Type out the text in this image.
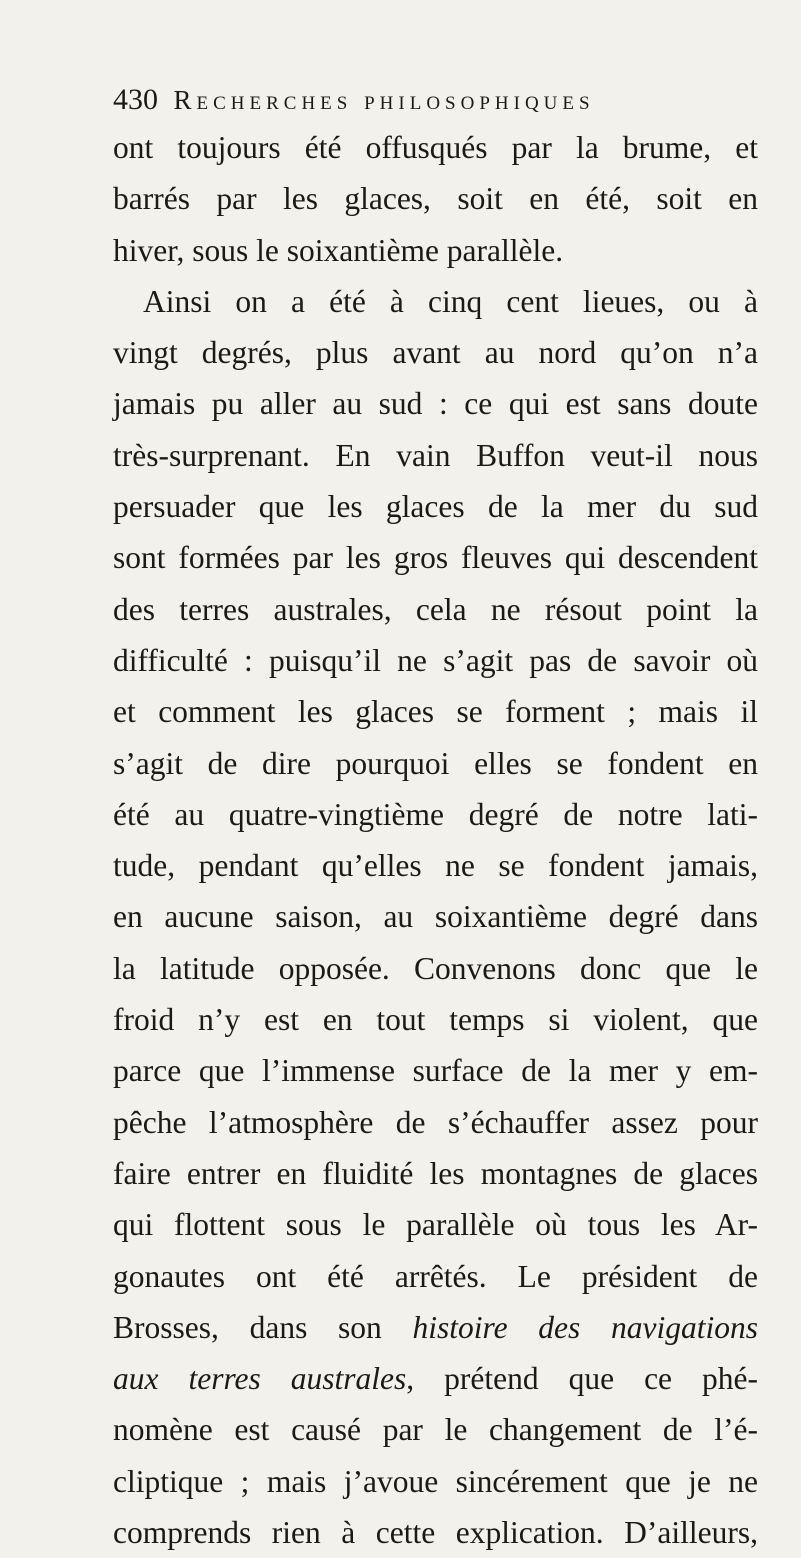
430 Recherches philosophiques
ont toujours été offusqués par la brume, et
barrés par les glaces, soit en été, soit en
hiver, sous le soixantième parallèle.
Ainsi on a été à cinq cent lieues, ou à
vingt degrés, plus avant au nord qu’on n’a
jamais pu aller au sud : ce qui est sans doute
très-surprenant. En vain Buffon veut-il nous
persuader que les glaces de la mer du sud
sont formées par les gros fleuves qui descendent
des terres australes, cela ne résout point la
difficulté : puisqu’il ne s’agit pas de savoir où
et comment les glaces se forment ; mais il
s’agit de dire pourquoi elles se fondent en
été au quatre-vingtième degré de notre lati-
tude, pendant qu’elles ne se fondent jamais,
en aucune saison, au soixantième degré dans
la latitude opposée. Convenons donc que le
froid n’y est en tout temps si violent, que
parce que l’immense surface de la mer y em-
pêche l’atmosphère de s’échauffer assez pour
faire entrer en fluidité les montagnes de glaces
qui flottent sous le parallèle où tous les Ar-
gonautes ont été arrêtés. Le président de
Brosses, dans son histoire des navigations
aux terres australes, prétend que ce phé-
nomène est causé par le changement de l’é-
cliptique ; mais j’avoue sincérement que je ne
comprends rien à cette explication. D’ailleurs,
